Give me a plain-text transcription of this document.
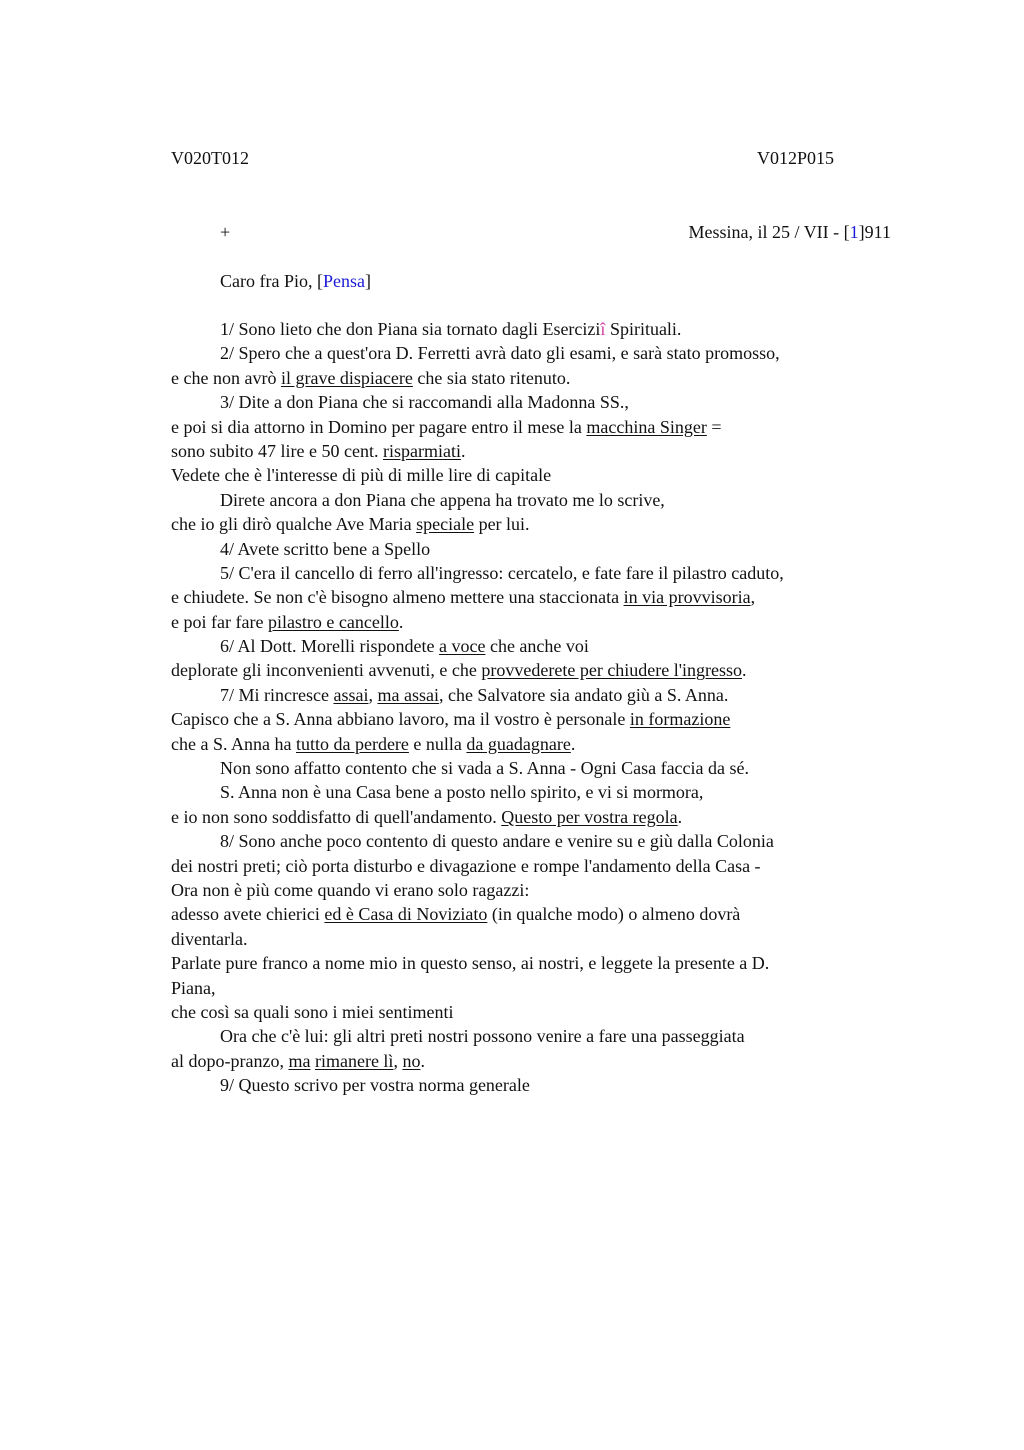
V020T012	V012P015
+	Messina, il 25 / VII - [1]911
Caro fra Pio, [Pensa]
1/ Sono lieto che don Piana sia tornato dagli Eserciziî Spirituali.
2/ Spero che a quest'ora D. Ferretti avrà dato gli esami, e sarà stato promosso,
e che non avrò il grave dispiacere che sia stato ritenuto.
3/ Dite a don Piana che si raccomandi alla Madonna SS.,
e poi si dia attorno in Domino per pagare entro il mese la macchina Singer =
sono subito 47 lire e 50 cent. risparmiati.
Vedete che è l'interesse di più di mille lire di capitale
Direte ancora a don Piana che appena ha trovato me lo scrive,
che io gli dirò qualche Ave Maria speciale per lui.
4/ Avete scritto bene a Spello
5/ C'era il cancello di ferro all'ingresso: cercatelo, e fate fare il pilastro caduto,
e chiudete. Se non c'è bisogno almeno mettere una staccionata in via provvisoria,
e poi far fare pilastro e cancello.
6/ Al Dott. Morelli rispondete a voce che anche voi
deplorate gli inconvenienti avvenuti, e che provvederete per chiudere l'ingresso.
7/ Mi rincresce assai, ma assai, che Salvatore sia andato giù a S. Anna.
Capisco che a S. Anna abbiano lavoro, ma il vostro è personale in formazione
che a S. Anna ha tutto da perdere e nulla da guadagnare.
Non sono affatto contento che si vada a S. Anna - Ogni Casa faccia da sé.
S. Anna non è una Casa bene a posto nello spirito, e vi si mormora,
e io non sono soddisfatto di quell'andamento. Questo per vostra regola.
8/ Sono anche poco contento di questo andare e venire su e giù dalla Colonia
dei nostri preti; ciò porta disturbo e divagazione e rompe l'andamento della Casa -
Ora non è più come quando vi erano solo ragazzi:
adesso avete chierici ed è Casa di Noviziato (in qualche modo) o almeno dovrà
diventarla.
Parlate pure franco a nome mio in questo senso, ai nostri, e leggete la presente a D.
Piana,
che così sa quali sono i miei sentimenti
Ora che c'è lui: gli altri preti nostri possono venire a fare una passeggiata
al dopo-pranzo, ma rimanere lì, no.
9/ Questo scrivo per vostra norma generale
